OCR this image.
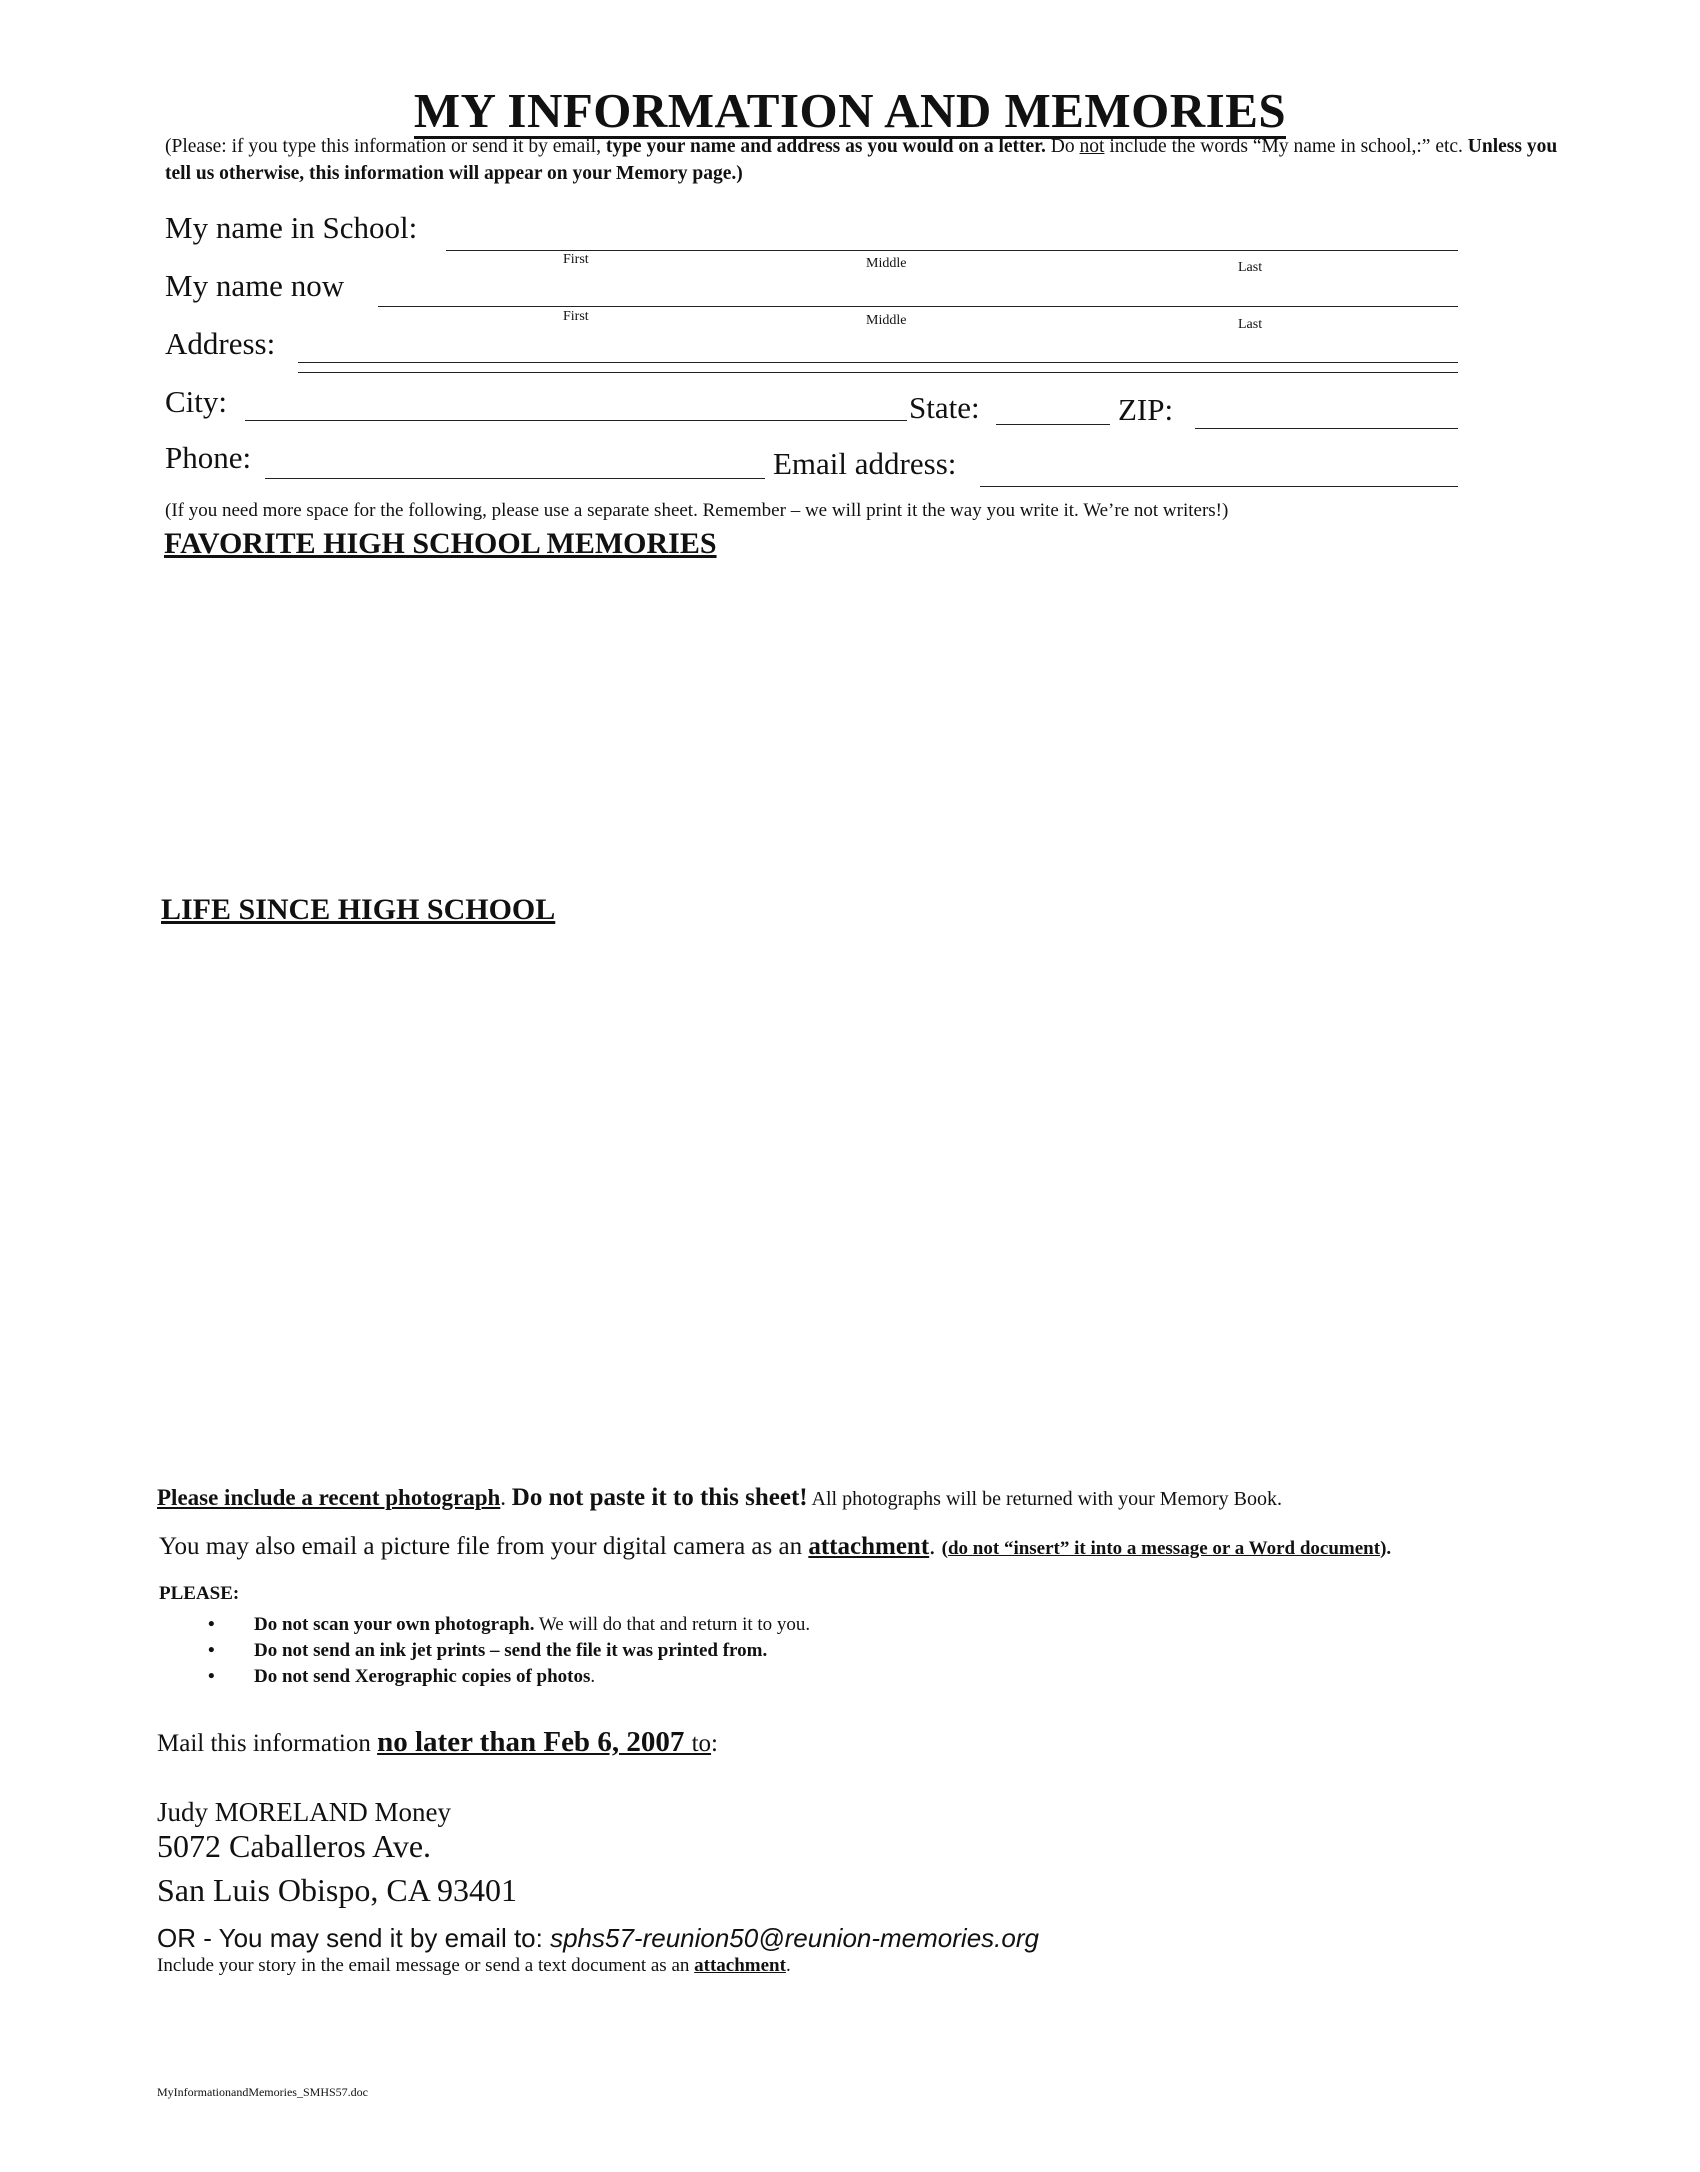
MY INFORMATION AND MEMORIES
(Please: if you type this information or send it by email, type your name and address as you would on a letter. Do not include the words “My name in school,:” etc. Unless you tell us otherwise, this information will appear on your Memory page.)
My name in School:
First	Middle	Last
My name now
First	Middle	Last
Address:
City:	State:	ZIP:
Phone:	Email address:
(If you need more space for the following, please use a separate sheet. Remember – we will print it the way you write it. We’re not writers!)
FAVORITE HIGH SCHOOL MEMORIES
LIFE SINCE HIGH SCHOOL
Please include a recent photograph. Do not paste it to this sheet! All photographs will be returned with your Memory Book.
You may also email a picture file from your digital camera as an attachment. (do not “insert” it into a message or a Word document).
PLEASE:
• Do not scan your own photograph. We will do that and return it to you.
• Do not send an ink jet prints – send the file it was printed from.
• Do not send Xerographic copies of photos.
Mail this information no later than Feb 6, 2007 to:
Judy MORELAND Money
5072 Caballeros Ave.
San Luis Obispo, CA 93401
OR - You may send it by email to: sphs57-reunion50@reunion-memories.org
Include your story in the email message or send a text document as an attachment.
MyInformationandMemories_SMHS57.doc
